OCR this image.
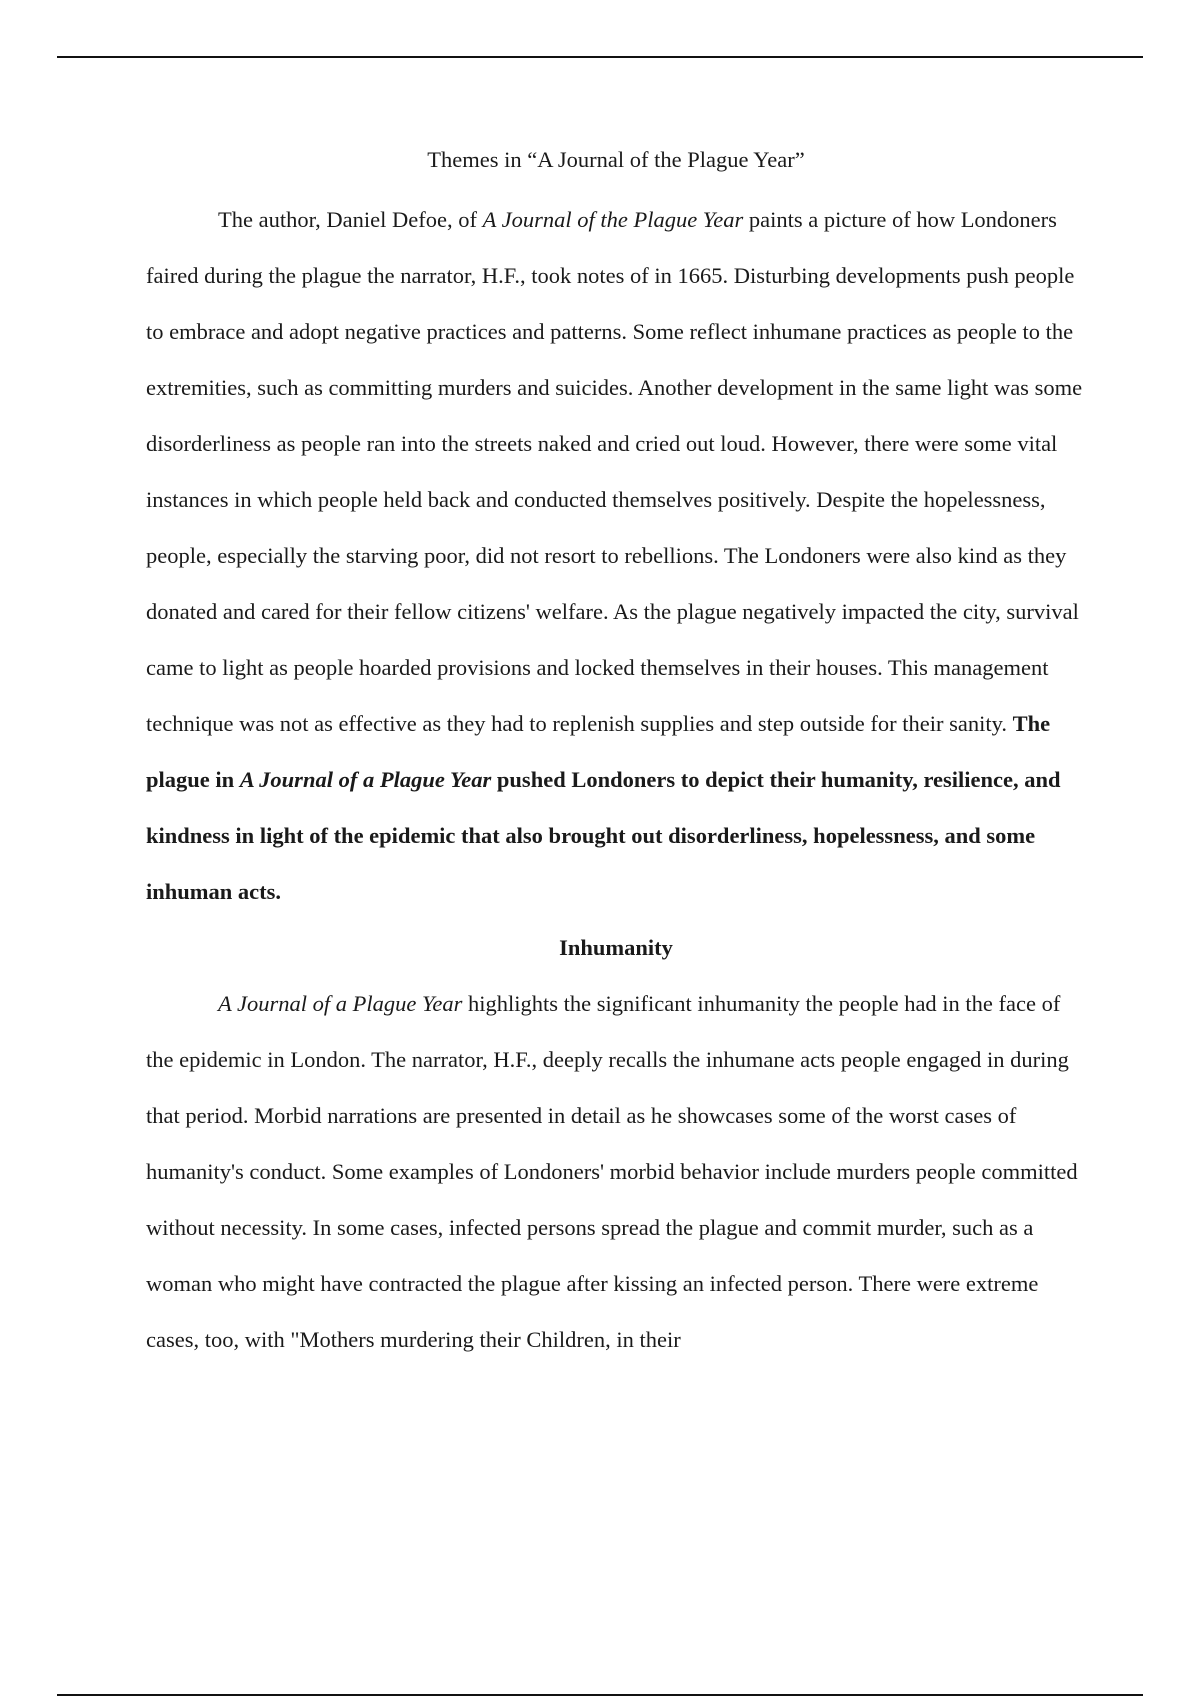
Themes in “A Journal of the Plague Year”

The author, Daniel Defoe, of A Journal of the Plague Year paints a picture of how Londoners faired during the plague the narrator, H.F., took notes of in 1665. Disturbing developments push people to embrace and adopt negative practices and patterns. Some reflect inhumane practices as people to the extremities, such as committing murders and suicides. Another development in the same light was some disorderliness as people ran into the streets naked and cried out loud. However, there were some vital instances in which people held back and conducted themselves positively. Despite the hopelessness, people, especially the starving poor, did not resort to rebellions. The Londoners were also kind as they donated and cared for their fellow citizens' welfare. As the plague negatively impacted the city, survival came to light as people hoarded provisions and locked themselves in their houses. This management technique was not as effective as they had to replenish supplies and step outside for their sanity. The plague in A Journal of a Plague Year pushed Londoners to depict their humanity, resilience, and kindness in light of the epidemic that also brought out disorderliness, hopelessness, and some inhuman acts.

Inhumanity

A Journal of a Plague Year highlights the significant inhumanity the people had in the face of the epidemic in London. The narrator, H.F., deeply recalls the inhumane acts people engaged in during that period. Morbid narrations are presented in detail as he showcases some of the worst cases of humanity's conduct. Some examples of Londoners' morbid behavior include murders people committed without necessity. In some cases, infected persons spread the plague and commit murder, such as a woman who might have contracted the plague after kissing an infected person. There were extreme cases, too, with "Mothers murdering their Children, in their
